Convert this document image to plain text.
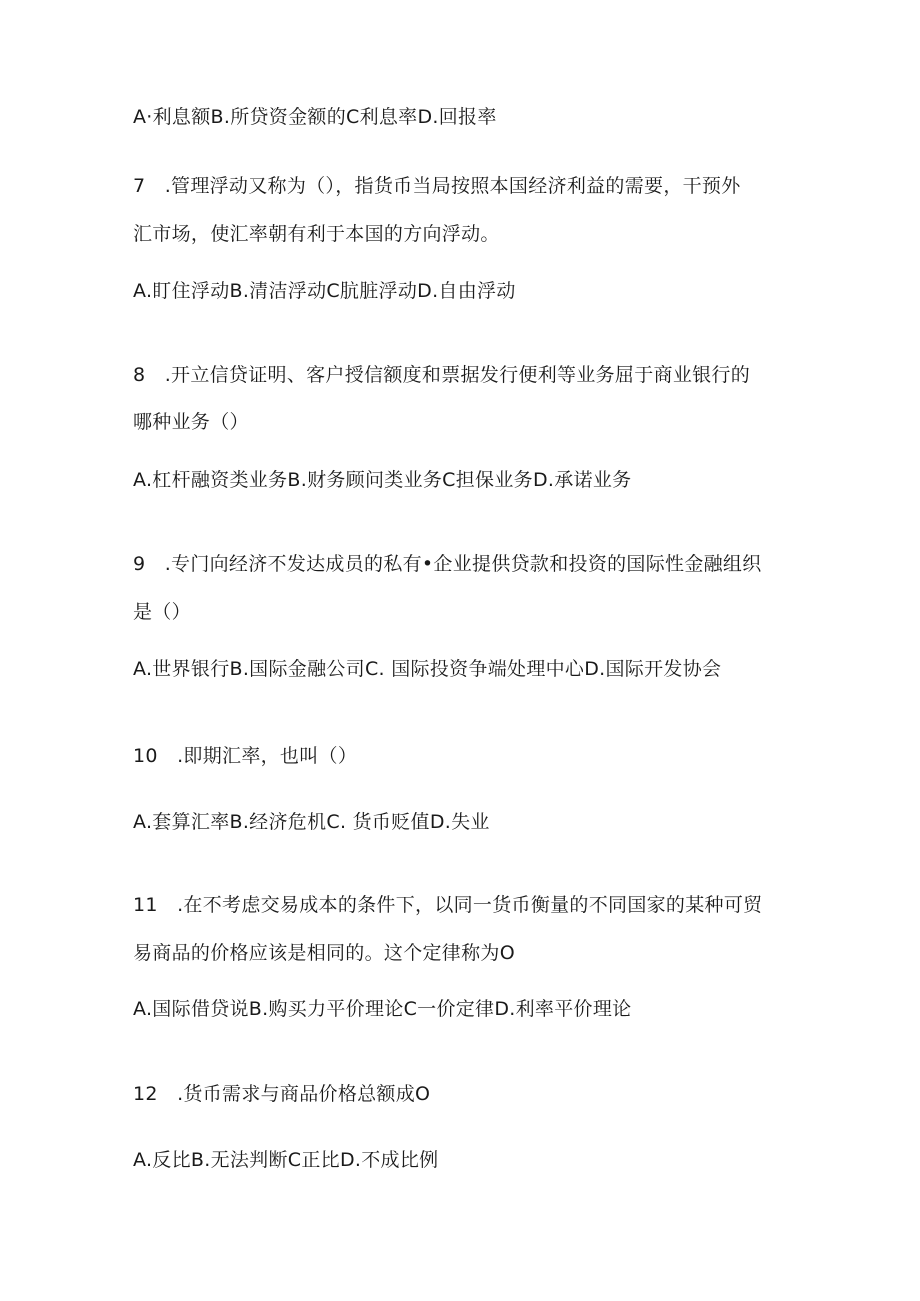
A·利息额B.所贷资金额的C利息率D.回报率
7　.管理浮动又称为（），指货币当局按照本国经济利益的需要，干预外
汇市场，使汇率朝有利于本国的方向浮动。
A.盯住浮动B.清洁浮动C肮脏浮动D.自由浮动
8　.开立信贷证明、客户授信额度和票据发行便利等业务屈于商业银行的
哪种业务（）
A.杠杆融资类业务B.财务顾问类业务C担保业务D.承诺业务
9　.专门向经济不发达成员的私有•企业提供贷款和投资的国际性金融组织
是（）
A.世界银行B.国际金融公司C. 国际投资争端处理中心D.国际开发协会
10　.即期汇率，也叫（）
A.套算汇率B.经济危机C. 货币贬值D.失业
11　.在不考虑交易成本的条件下，以同一货币衡量的不同国家的某种可贸
易商品的价格应该是相同的。这个定律称为O
A.国际借贷说B.购买力平价理论C一价定律D.利率平价理论
12　.货币需求与商品价格总额成O
A.反比B.无法判断C正比D.不成比例
